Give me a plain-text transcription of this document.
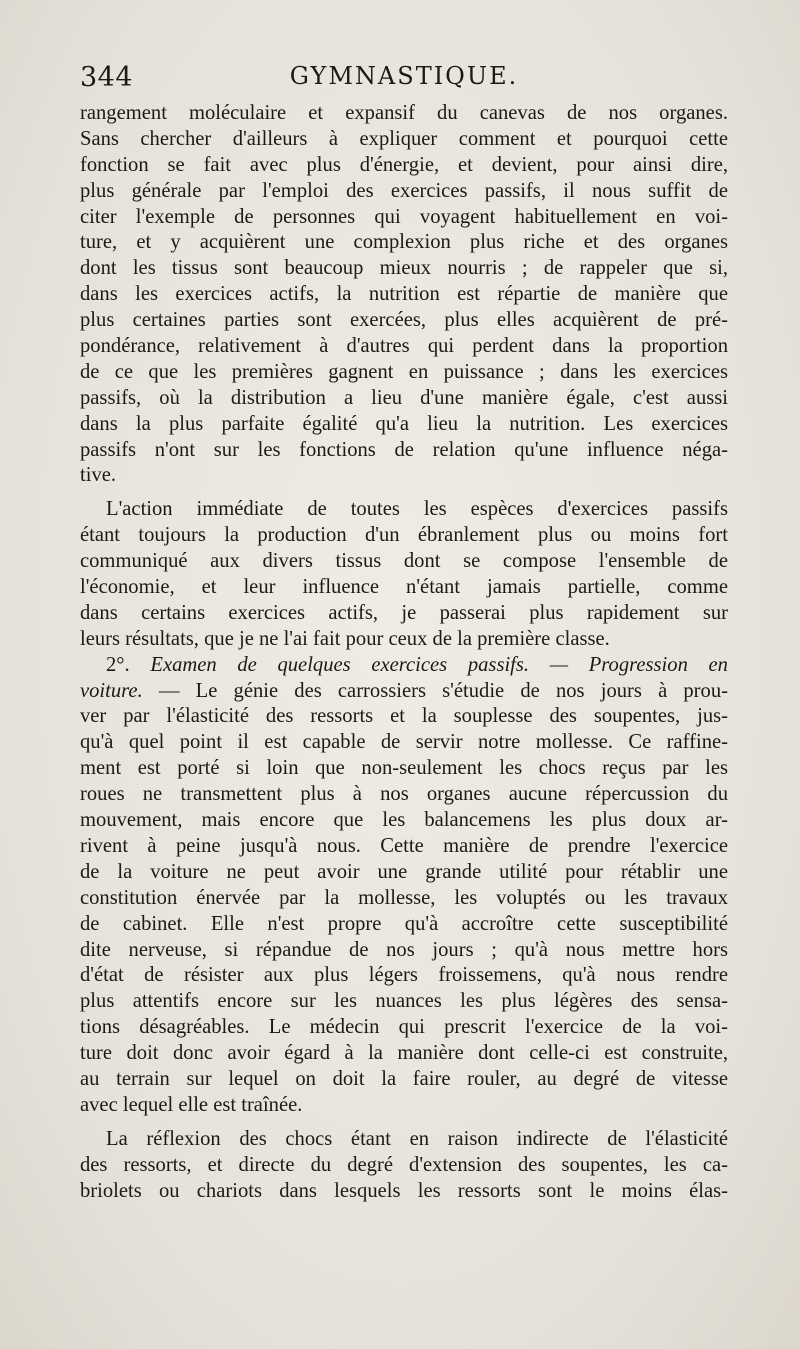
344	GYMNASTIQUE.
rangement moléculaire et expansif du canevas de nos organes.
Sans chercher d'ailleurs à expliquer comment et pourquoi cette
fonction se fait avec plus d'énergie, et devient, pour ainsi dire,
plus générale par l'emploi des exercices passifs, il nous suffit de
citer l'exemple de personnes qui voyagent habituellement en voi-
ture, et y acquièrent une complexion plus riche et des organes
dont les tissus sont beaucoup mieux nourris ; de rappeler que si,
dans les exercices actifs, la nutrition est répartie de manière que
plus certaines parties sont exercées, plus elles acquièrent de pré-
pondérance, relativement à d'autres qui perdent dans la proportion
de ce que les premières gagnent en puissance ; dans les exercices
passifs, où la distribution a lieu d'une manière égale, c'est aussi
dans la plus parfaite égalité qu'a lieu la nutrition. Les exercices
passifs n'ont sur les fonctions de relation qu'une influence néga-
tive.
L'action immédiate de toutes les espèces d'exercices passifs
étant toujours la production d'un ébranlement plus ou moins fort
communiqué aux divers tissus dont se compose l'ensemble de
l'économie, et leur influence n'étant jamais partielle, comme
dans certains exercices actifs, je passerai plus rapidement sur
leurs résultats, que je ne l'ai fait pour ceux de la première classe.
2°. Examen de quelques exercices passifs. — Progression en
voiture. — Le génie des carrossiers s'étudie de nos jours à prou-
ver par l'élasticité des ressorts et la souplesse des soupentes, jus-
qu'à quel point il est capable de servir notre mollesse. Ce raffine-
ment est porté si loin que non-seulement les chocs reçus par les
roues ne transmettent plus à nos organes aucune répercussion du
mouvement, mais encore que les balancemens les plus doux ar-
rivent à peine jusqu'à nous. Cette manière de prendre l'exercice
de la voiture ne peut avoir une grande utilité pour rétablir une
constitution énervée par la mollesse, les voluptés ou les travaux
de cabinet. Elle n'est propre qu'à accroître cette susceptibilité
dite nerveuse, si répandue de nos jours ; qu'à nous mettre hors
d'état de résister aux plus légers froissemens, qu'à nous rendre
plus attentifs encore sur les nuances les plus légères des sensa-
tions désagréables. Le médecin qui prescrit l'exercice de la voi-
ture doit donc avoir égard à la manière dont celle-ci est construite,
au terrain sur lequel on doit la faire rouler, au degré de vitesse
avec lequel elle est traînée.
La réflexion des chocs étant en raison indirecte de l'élasticité
des ressorts, et directe du degré d'extension des soupentes, les ca-
briolets ou chariots dans lesquels les ressorts sont le moins élas-
